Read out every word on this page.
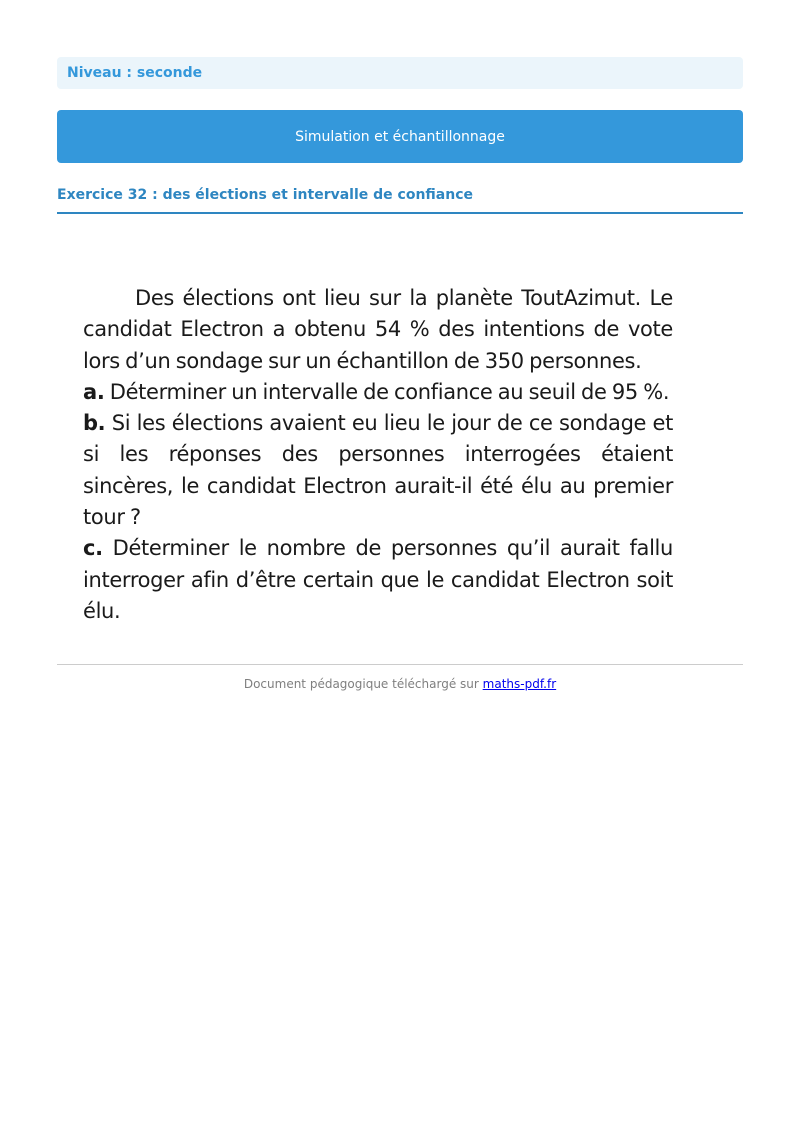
Niveau : seconde
Simulation et échantillonnage
Exercice 32 : des élections et intervalle de confiance

Des élections ont lieu sur la planète ToutAzimut. Le candidat Electron a obtenu 54 % des intentions de vote lors d’un sondage sur un échantillon de 350 personnes.

a. Déterminer un intervalle de confiance au seuil de 95 %.

b. Si les élections avaient eu lieu le jour de ce sondage et si les réponses des personnes interrogées étaient sincères, le candidat Electron aurait-il été élu au premier tour ?

c. Déterminer le nombre de personnes qu’il aurait fallu interroger afin d’être certain que le candidat Electron soit élu.

Document pédagogique téléchargé sur maths-pdf.fr
